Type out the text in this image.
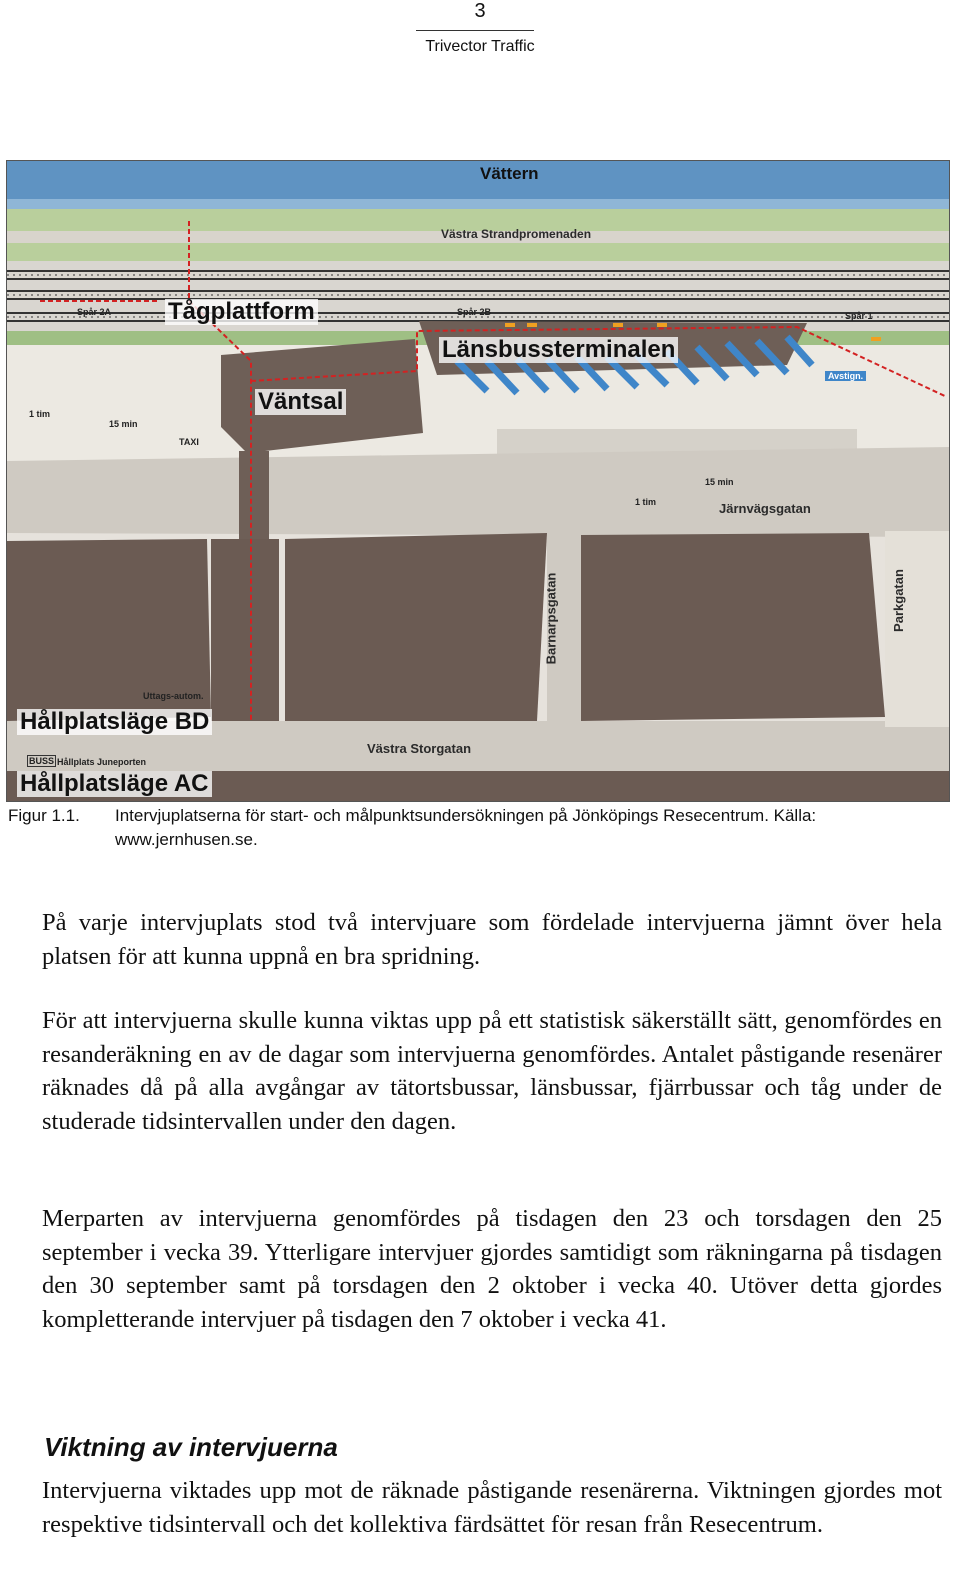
3
Trivector Traffic
Vättern
Västra Strandpromenaden
Spår 2A	Spår 2B	Spår 1
Tågplattform
Länsbussterminalen
Väntsal
Avstign.
1 tim
15 min
TAXI
15 min
1 tim	Järnvägsgatan
Barnarpsgatan	Parkgatan
Uttags-autom.
Hållplatsläge BD
Västra Storgatan
Hållplats Juneporten
BUSS
Hållplatsläge AC
Figur 1.1. Intervjuplatserna för start- och målpunktsundersökningen på Jönköpings Resecentrum. Källa: www.jernhusen.se.

På varje intervjuplats stod två intervjuare som fördelade intervjuerna jämnt över hela platsen för att kunna uppnå en bra spridning.

För att intervjuerna skulle kunna viktas upp på ett statistisk säkerställt sätt, genomfördes en resanderäkning en av de dagar som intervjuerna genomfördes. Antalet påstigande resenärer räknades då på alla avgångar av tätortsbussar, länsbussar, fjärrbussar och tåg under de studerade tidsintervallen under den dagen.

Merparten av intervjuerna genomfördes på tisdagen den 23 och torsdagen den 25 september i vecka 39. Ytterligare intervjuer gjordes samtidigt som räkningarna på tisdagen den 30 september samt på torsdagen den 2 oktober i vecka 40. Utöver detta gjordes kompletterande intervjuer på tisdagen den 7 oktober i vecka 41.

Viktning av intervjuerna

Intervjuerna viktades upp mot de räknade påstigande resenärerna. Viktningen gjordes mot respektive tidsintervall och det kollektiva färdsättet för resan från Resecentrum.
